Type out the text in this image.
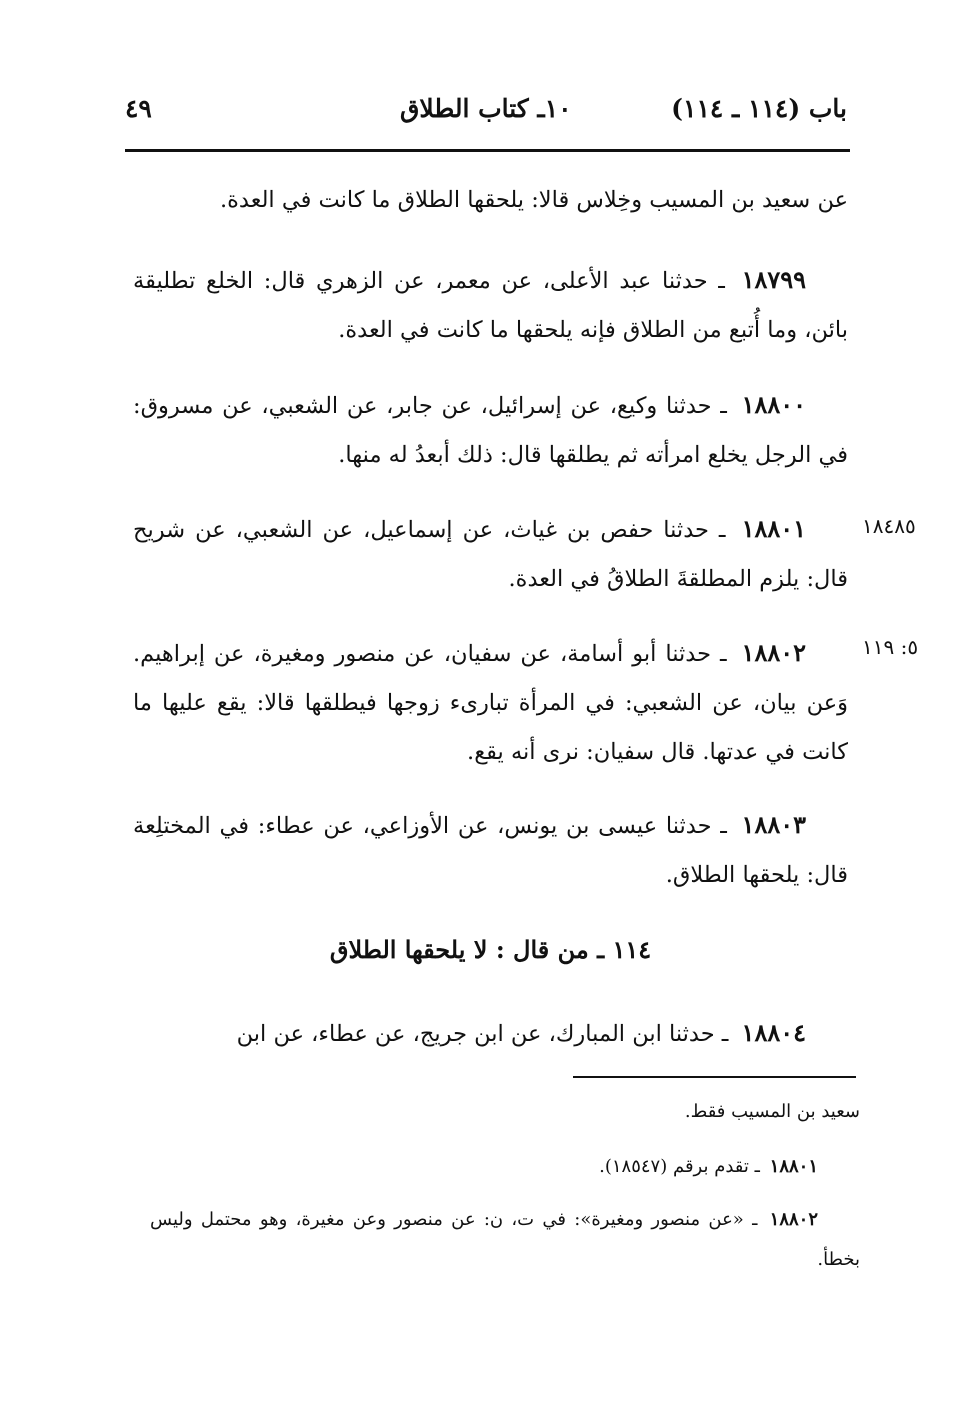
باب (١١٤ ـ ١١٤)
١٠ـ كتاب الطلاق
٤٩

عن سعيد بن المسيب وخِلاس قالا: يلحقها الطلاق ما كانت في العدة.

١٨٧٩٩ ـ حدثنا عبد الأعلى، عن معمر، عن الزهري قال: الخلع تطليقة بائن، وما أُتبع من الطلاق فإنه يلحقها ما كانت في العدة.

١٨٨٠٠ ـ حدثنا وكيع، عن إسرائيل، عن جابر، عن الشعبي، عن مسروق: في الرجل يخلع امرأته ثم يطلقها قال: ذلك أبعدُ له منها.

١٨٨٠١ ـ حدثنا حفص بن غياث، عن إسماعيل، عن الشعبي، عن شريح قال: يلزم المطلقةَ الطلاقُ في العدة.

١٨٤٨٥

١٨٨٠٢ ـ حدثنا أبو أسامة، عن سفيان، عن منصور ومغيرة، عن إبراهيم. وَعن بيان، عن الشعبي: في المرأة تبارىء زوجها فيطلقها قالا: يقع عليها ما كانت في عدتها. قال سفيان: نرى أنه يقع.

٥: ١١٩

١٨٨٠٣ ـ حدثنا عيسى بن يونس، عن الأوزاعي، عن عطاء: في المختلِعة قال: يلحقها الطلاق.

١١٤ ـ من قال : لا يلحقها الطلاق

١٨٨٠٤ ـ حدثنا ابن المبارك، عن ابن جريج، عن عطاء، عن ابن

سعيد بن المسيب فقط.

١٨٨٠١ ـ تقدم برقم (١٨٥٤٧).

١٨٨٠٢ ـ «عن منصور ومغيرة»: في ت، ن: عن منصور وعن مغيرة، وهو محتمل وليس بخطأ.
